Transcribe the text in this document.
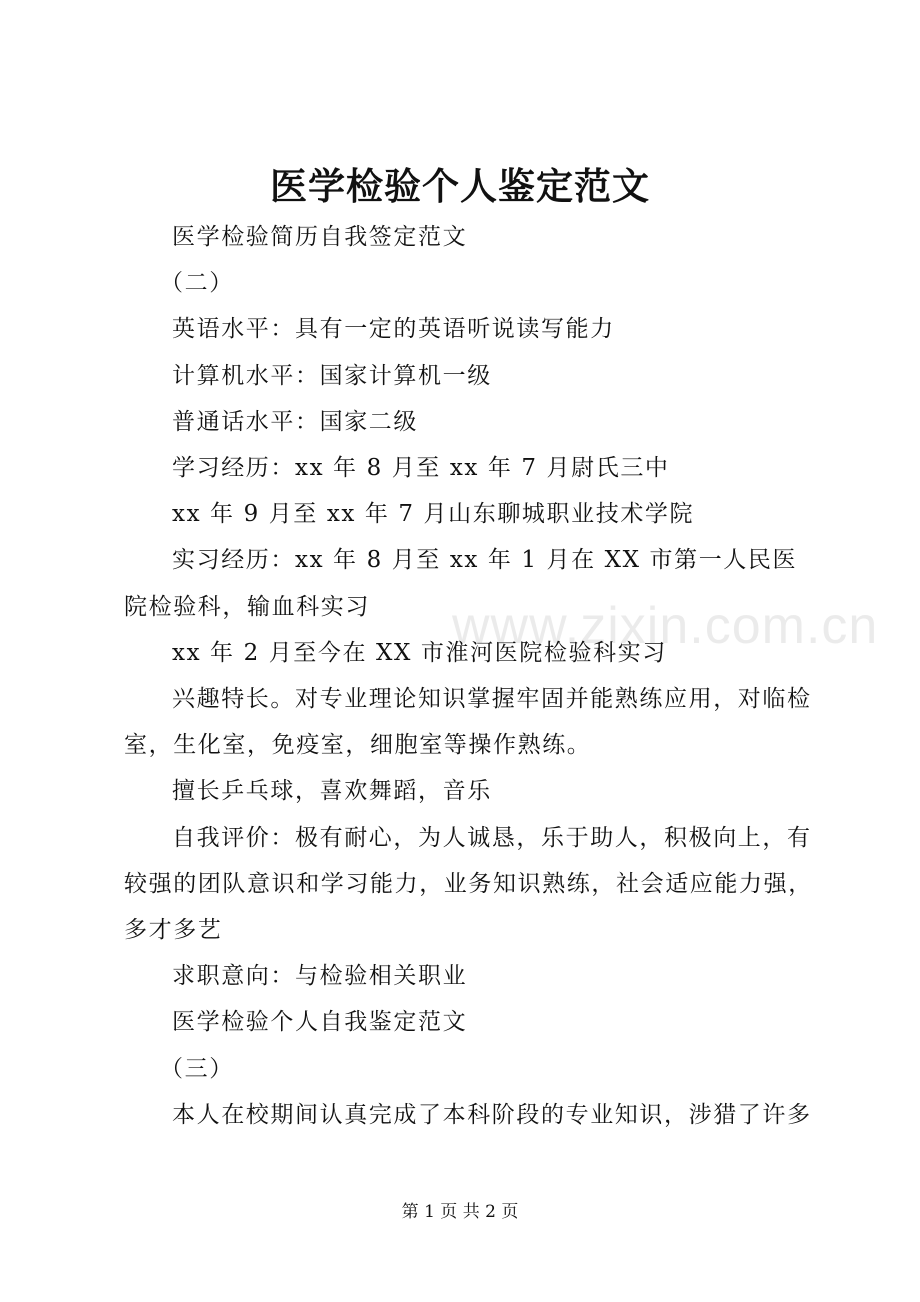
医学检验个人鉴定范文

医学检验简历自我签定范文

（二）

英语水平：具有一定的英语听说读写能力

计算机水平：国家计算机一级

普通话水平：国家二级

学习经历：xx 年 8 月至 xx 年 7 月尉氏三中

xx 年 9 月至 xx 年 7 月山东聊城职业技术学院

实习经历：xx 年 8 月至 xx 年 1 月在 XX 市第一人民医院检验科，输血科实习

xx 年 2 月至今在 XX 市淮河医院检验科实习

兴趣特长。对专业理论知识掌握牢固并能熟练应用，对临检室，生化室，免疫室，细胞室等操作熟练。

擅长乒乓球，喜欢舞蹈，音乐

自我评价：极有耐心，为人诚恳，乐于助人，积极向上，有较强的团队意识和学习能力，业务知识熟练，社会适应能力强，多才多艺

求职意向：与检验相关职业

医学检验个人自我鉴定范文

（三）

本人在校期间认真完成了本科阶段的专业知识，涉猎了许多

www.zixin.com.cn
第 1 页 共 2 页
